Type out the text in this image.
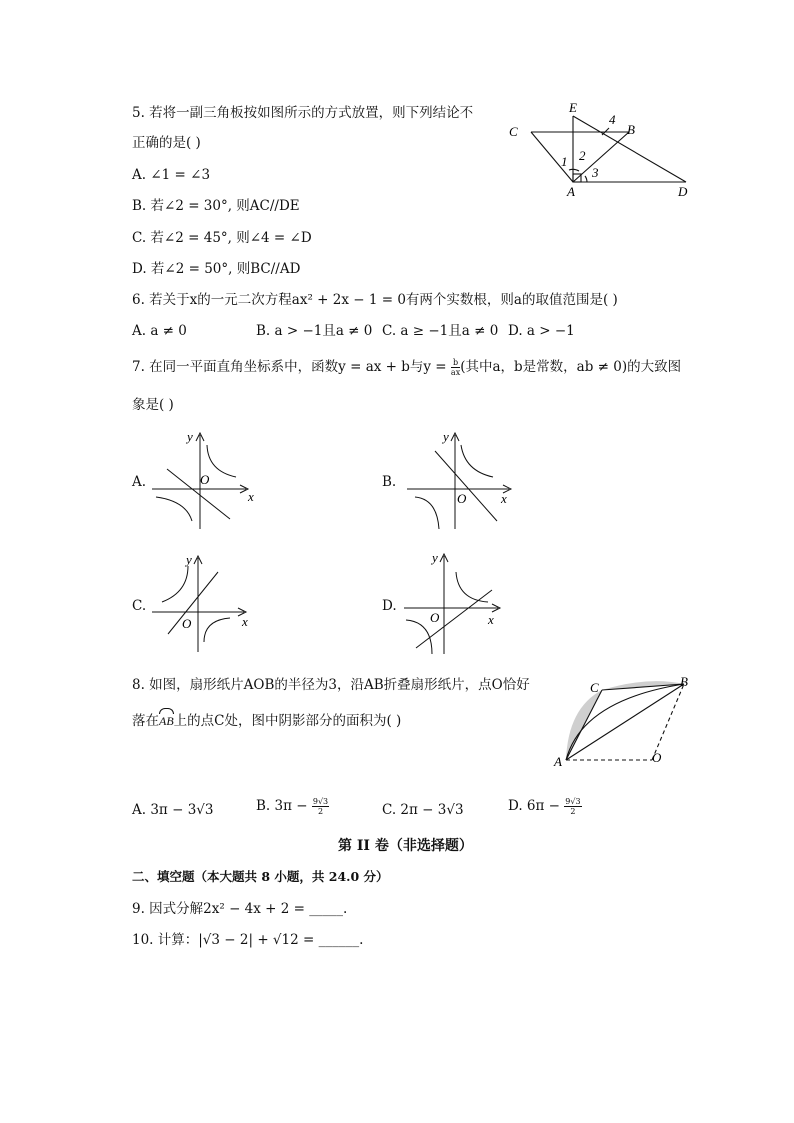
5. 若将一副三角板按如图所示的方式放置，则下列结论不
正确的是( )
A. ∠1 = ∠3
B. 若∠2 = 30°, 则AC//DE
C. 若∠2 = 45°, 则∠4 = ∠D
D. 若∠2 = 50°, 则BC//AD
E
C	B
4
2
1
3
A	D
6. 若关于x的一元二次方程ax² + 2x − 1 = 0有两个实数根，则a的取值范围是( )
A. a ≠ 0	B. a > −1且a ≠ 0 C. a ≥ −1且a ≠ 0 D. a > −1
7. 在同一平面直角坐标系中，函数y = ax + b与$y = \frac{b}{ax}$ (其中a，b是常数，ab ≠ 0)的大致图
象是( )
A.	B.
C.	D.
y
x
O
y
x
O
y
x
O
y
x
O
8. 如图，扇形纸片AOB的半径为3，沿AB折叠扇形纸片，点O恰好
落在AB上的点C处，图中阴影部分的面积为( )
C	B
A	O
A. 3π − 3√3	B. $3\pi - \frac{9√3}{2}$	C. 2π − 3√3	D. $6\pi - \frac{9√3}{2}$
第 II 卷（非选择题）
二、填空题（本大题共 8 小题，共 24.0 分）
9. 因式分解2x² − 4x + 2 = _____.
10. 计算：|√3 − 2| + √12 = ______.
